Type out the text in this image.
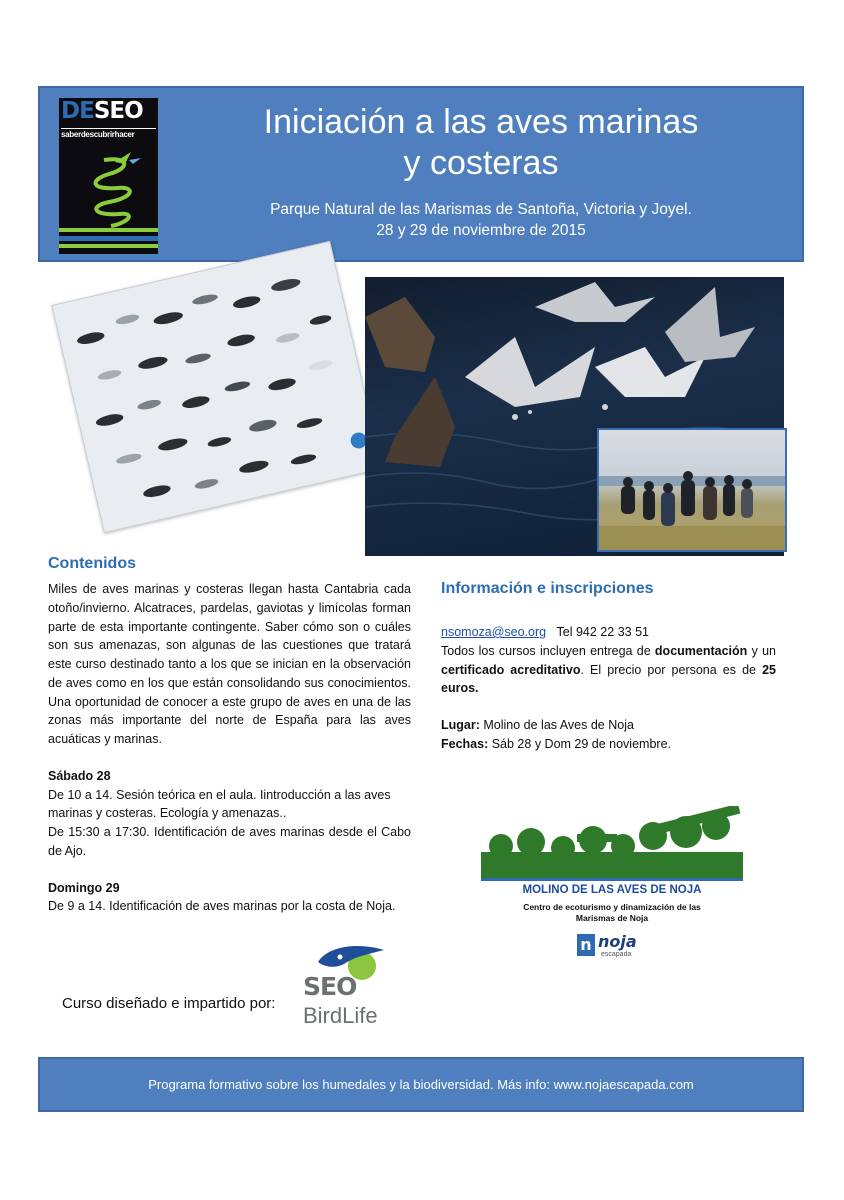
DESEO
saberdescubrirhacer	Iniciación a las aves marinas
y costeras
Parque Natural de las Marismas de Santoña, Victoria y Joyel.
28 y 29 de noviembre de 2015
Contenidos

Miles de aves marinas y costeras llegan hasta Cantabria cada otoño/invierno. Alcatraces, pardelas, gaviotas y limícolas forman parte de esta importante contingente. Saber cómo son o cuáles son sus amenazas, son algunas de las cuestiones que tratará este curso destinado tanto a los que se inician en la observación de aves como en los que están consolidando sus conocimientos. Una oportunidad de conocer a este grupo de aves en una de las zonas más importante del norte de España para las aves acuáticas y marinas.

Sábado 28

De 10 a 14. Sesión teórica en el aula. Iintroducción a las aves marinas y costeras. Ecología y amenazas..

De 15:30 a 17:30. Identificación de aves marinas desde el Cabo de Ajo.

Domingo 29

De 9 a 14. Identificación de aves marinas por la costa de Noja.

Información e inscripciones

nsomoza@seo.org Tel 942 22 33 51

Todos los cursos incluyen entrega de documentación y un certificado acreditativo. El precio por persona es de 25 euros.

Lugar: Molino de las Aves de Noja

Fechas: Sáb 28 y Dom 29 de noviembre.

MOLINO DE LAS AVES DE NOJA
Centro de ecoturismo y dinamización de las
Marismas de Noja
n noja
escapada
Curso diseñado e impartido por:
SEO
BirdLife
Programa formativo sobre los humedales y la biodiversidad. Más info: www.nojaescapada.com
